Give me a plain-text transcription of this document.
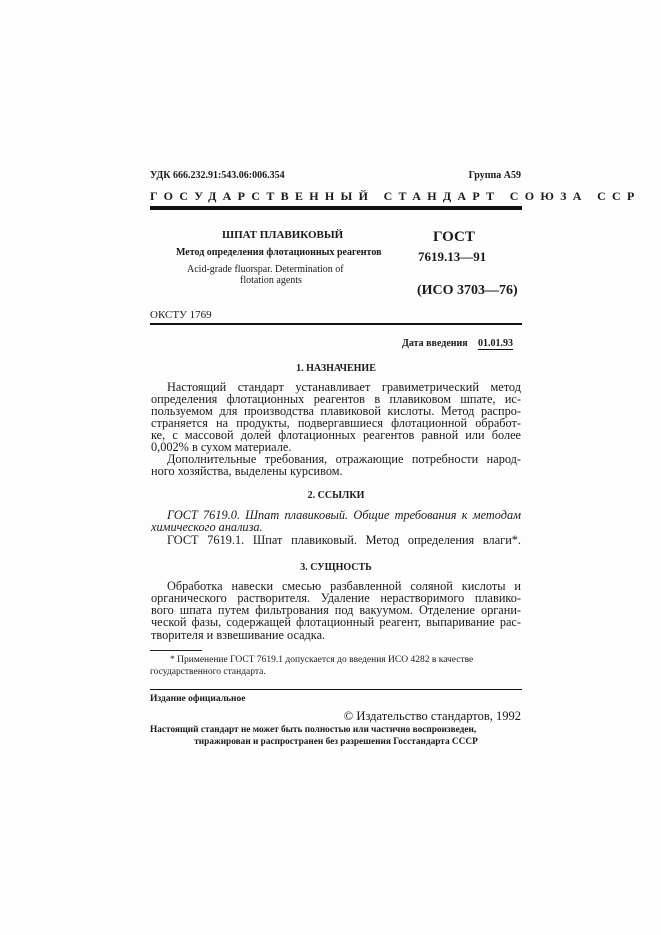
УДК 666.232.91:543.06:006.354	Группа А59
ГОСУДАРСТВЕННЫЙ СТАНДАРТ СОЮЗА ССР
ШПАТ ПЛАВИКОВЫЙ
Метод определения флотационных реагентов
Acid-grade fluorspar. Determination of
flotation agents
ГОСТ
7619.13—91
(ИСО 3703—76)
ОКСТУ 1769
Дата введения 01.01.93
1. НАЗНАЧЕНИЕ
Настоящий стандарт устанавливает гравиметрический метод
определения флотационных реагентов в плавиковом шпате, ис-
пользуемом для производства плавиковой кислоты. Метод распро-
страняется на продукты, подвергавшиеся флотационной обработ-
ке, с массовой долей флотационных реагентов равной или более
0,002% в сухом материале.
Дополнительные требования, отражающие потребности народ-
ного хозяйства, выделены курсивом.
2. ССЫЛКИ
ГОСТ 7619.0. Шпат плавиковый. Общие требования к методам
химического анализа.
ГОСТ 7619.1. Шпат плавиковый. Метод определения влаги*.
3. СУЩНОСТЬ
Обработка навески смесью разбавленной соляной кислоты и
органического растворителя. Удаление нерастворимого плавико-
вого шпата путем фильтрования под вакуумом. Отделение органи-
ческой фазы, содержащей флотационный реагент, выпаривание рас-
творителя и взвешивание осадка.
* Применение ГОСТ 7619.1 допускается до введения ИСО 4282 в качестве
государственного стандарта.
Издание официальное
© Издательство стандартов, 1992
Настоящий стандарт не может быть полностью или частично воспроизведен,
тиражирован и распространен без разрешения Госстандарта СССР
